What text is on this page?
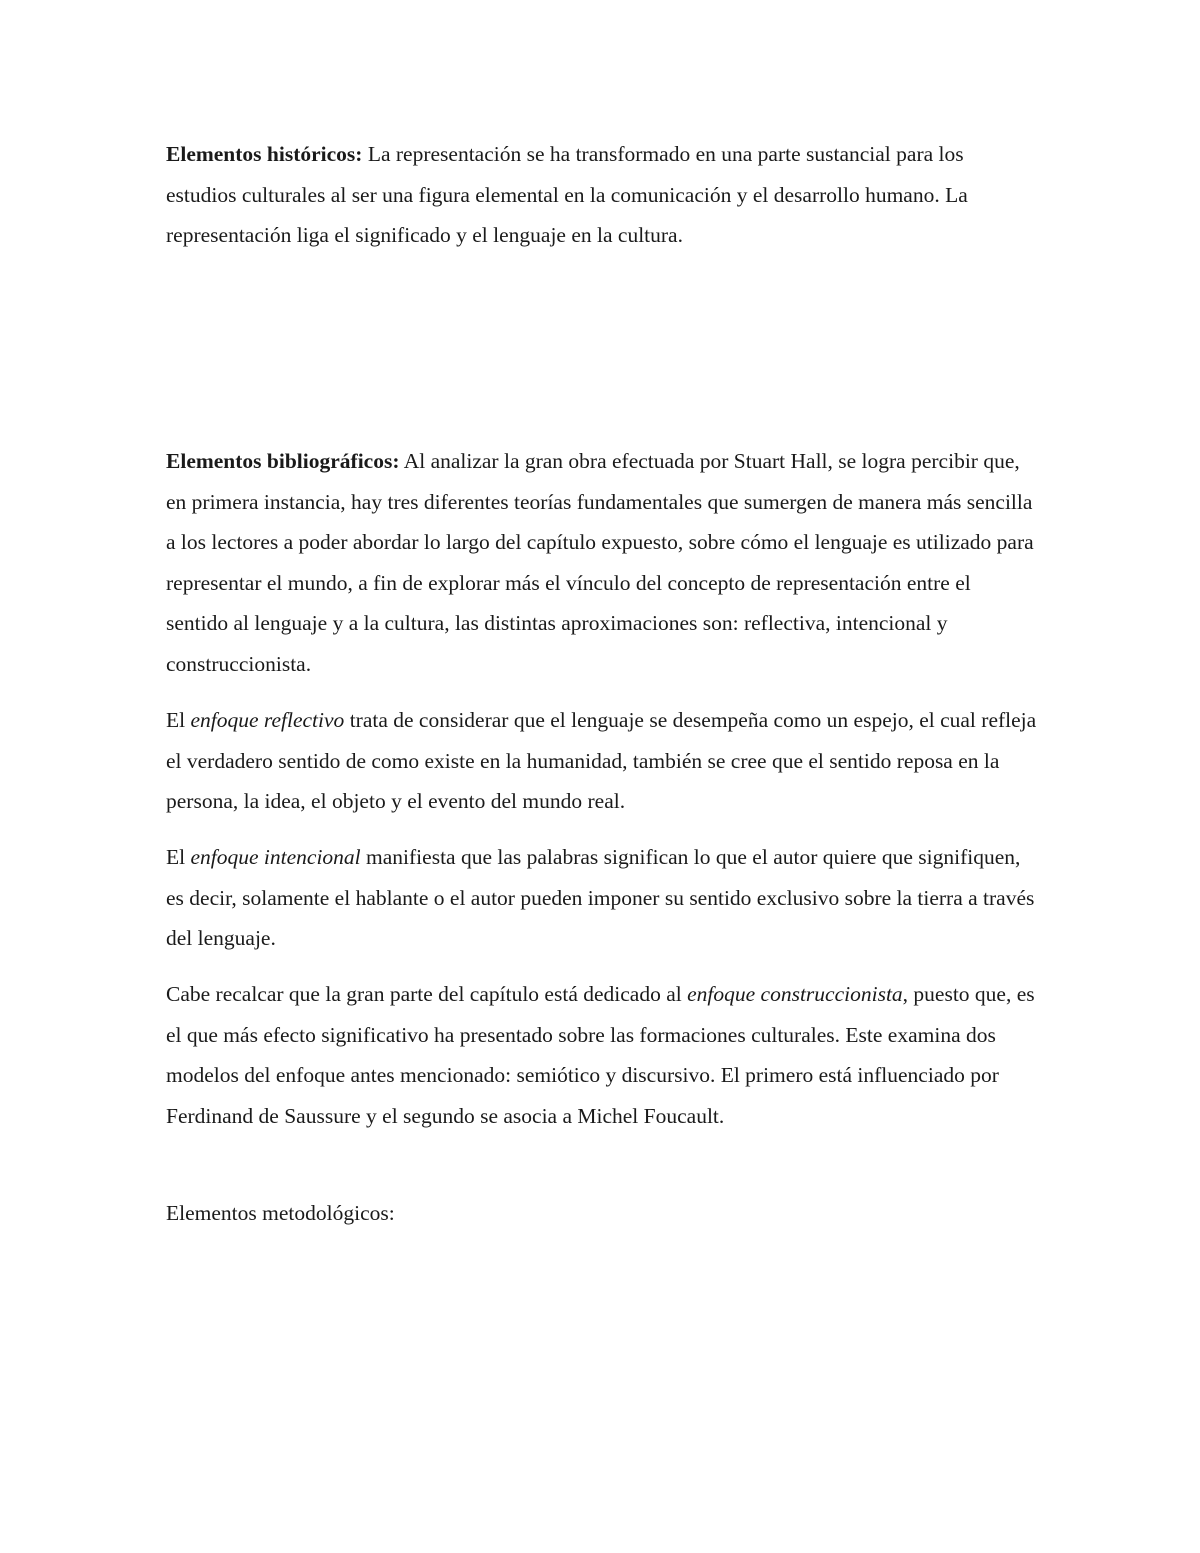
Elementos históricos: La representación se ha transformado en una parte sustancial para los estudios culturales al ser una figura elemental en la comunicación y el desarrollo humano. La representación liga el significado y el lenguaje en la cultura.

Elementos bibliográficos: Al analizar la gran obra efectuada por Stuart Hall, se logra percibir que, en primera instancia, hay tres diferentes teorías fundamentales que sumergen de manera más sencilla a los lectores a poder abordar lo largo del capítulo expuesto, sobre cómo el lenguaje es utilizado para representar el mundo, a fin de explorar más el vínculo del concepto de representación entre el sentido al lenguaje y a la cultura, las distintas aproximaciones son: reflectiva, intencional y construccionista.

El enfoque reflectivo trata de considerar que el lenguaje se desempeña como un espejo, el cual refleja el verdadero sentido de como existe en la humanidad, también se cree que el sentido reposa en la persona, la idea, el objeto y el evento del mundo real.

El enfoque intencional manifiesta que las palabras significan lo que el autor quiere que signifiquen, es decir, solamente el hablante o el autor pueden imponer su sentido exclusivo sobre la tierra a través del lenguaje.

Cabe recalcar que la gran parte del capítulo está dedicado al enfoque construccionista, puesto que, es el que más efecto significativo ha presentado sobre las formaciones culturales. Este examina dos modelos del enfoque antes mencionado: semiótico y discursivo. El primero está influenciado por Ferdinand de Saussure y el segundo se asocia a Michel Foucault.

Elementos metodológicos:
